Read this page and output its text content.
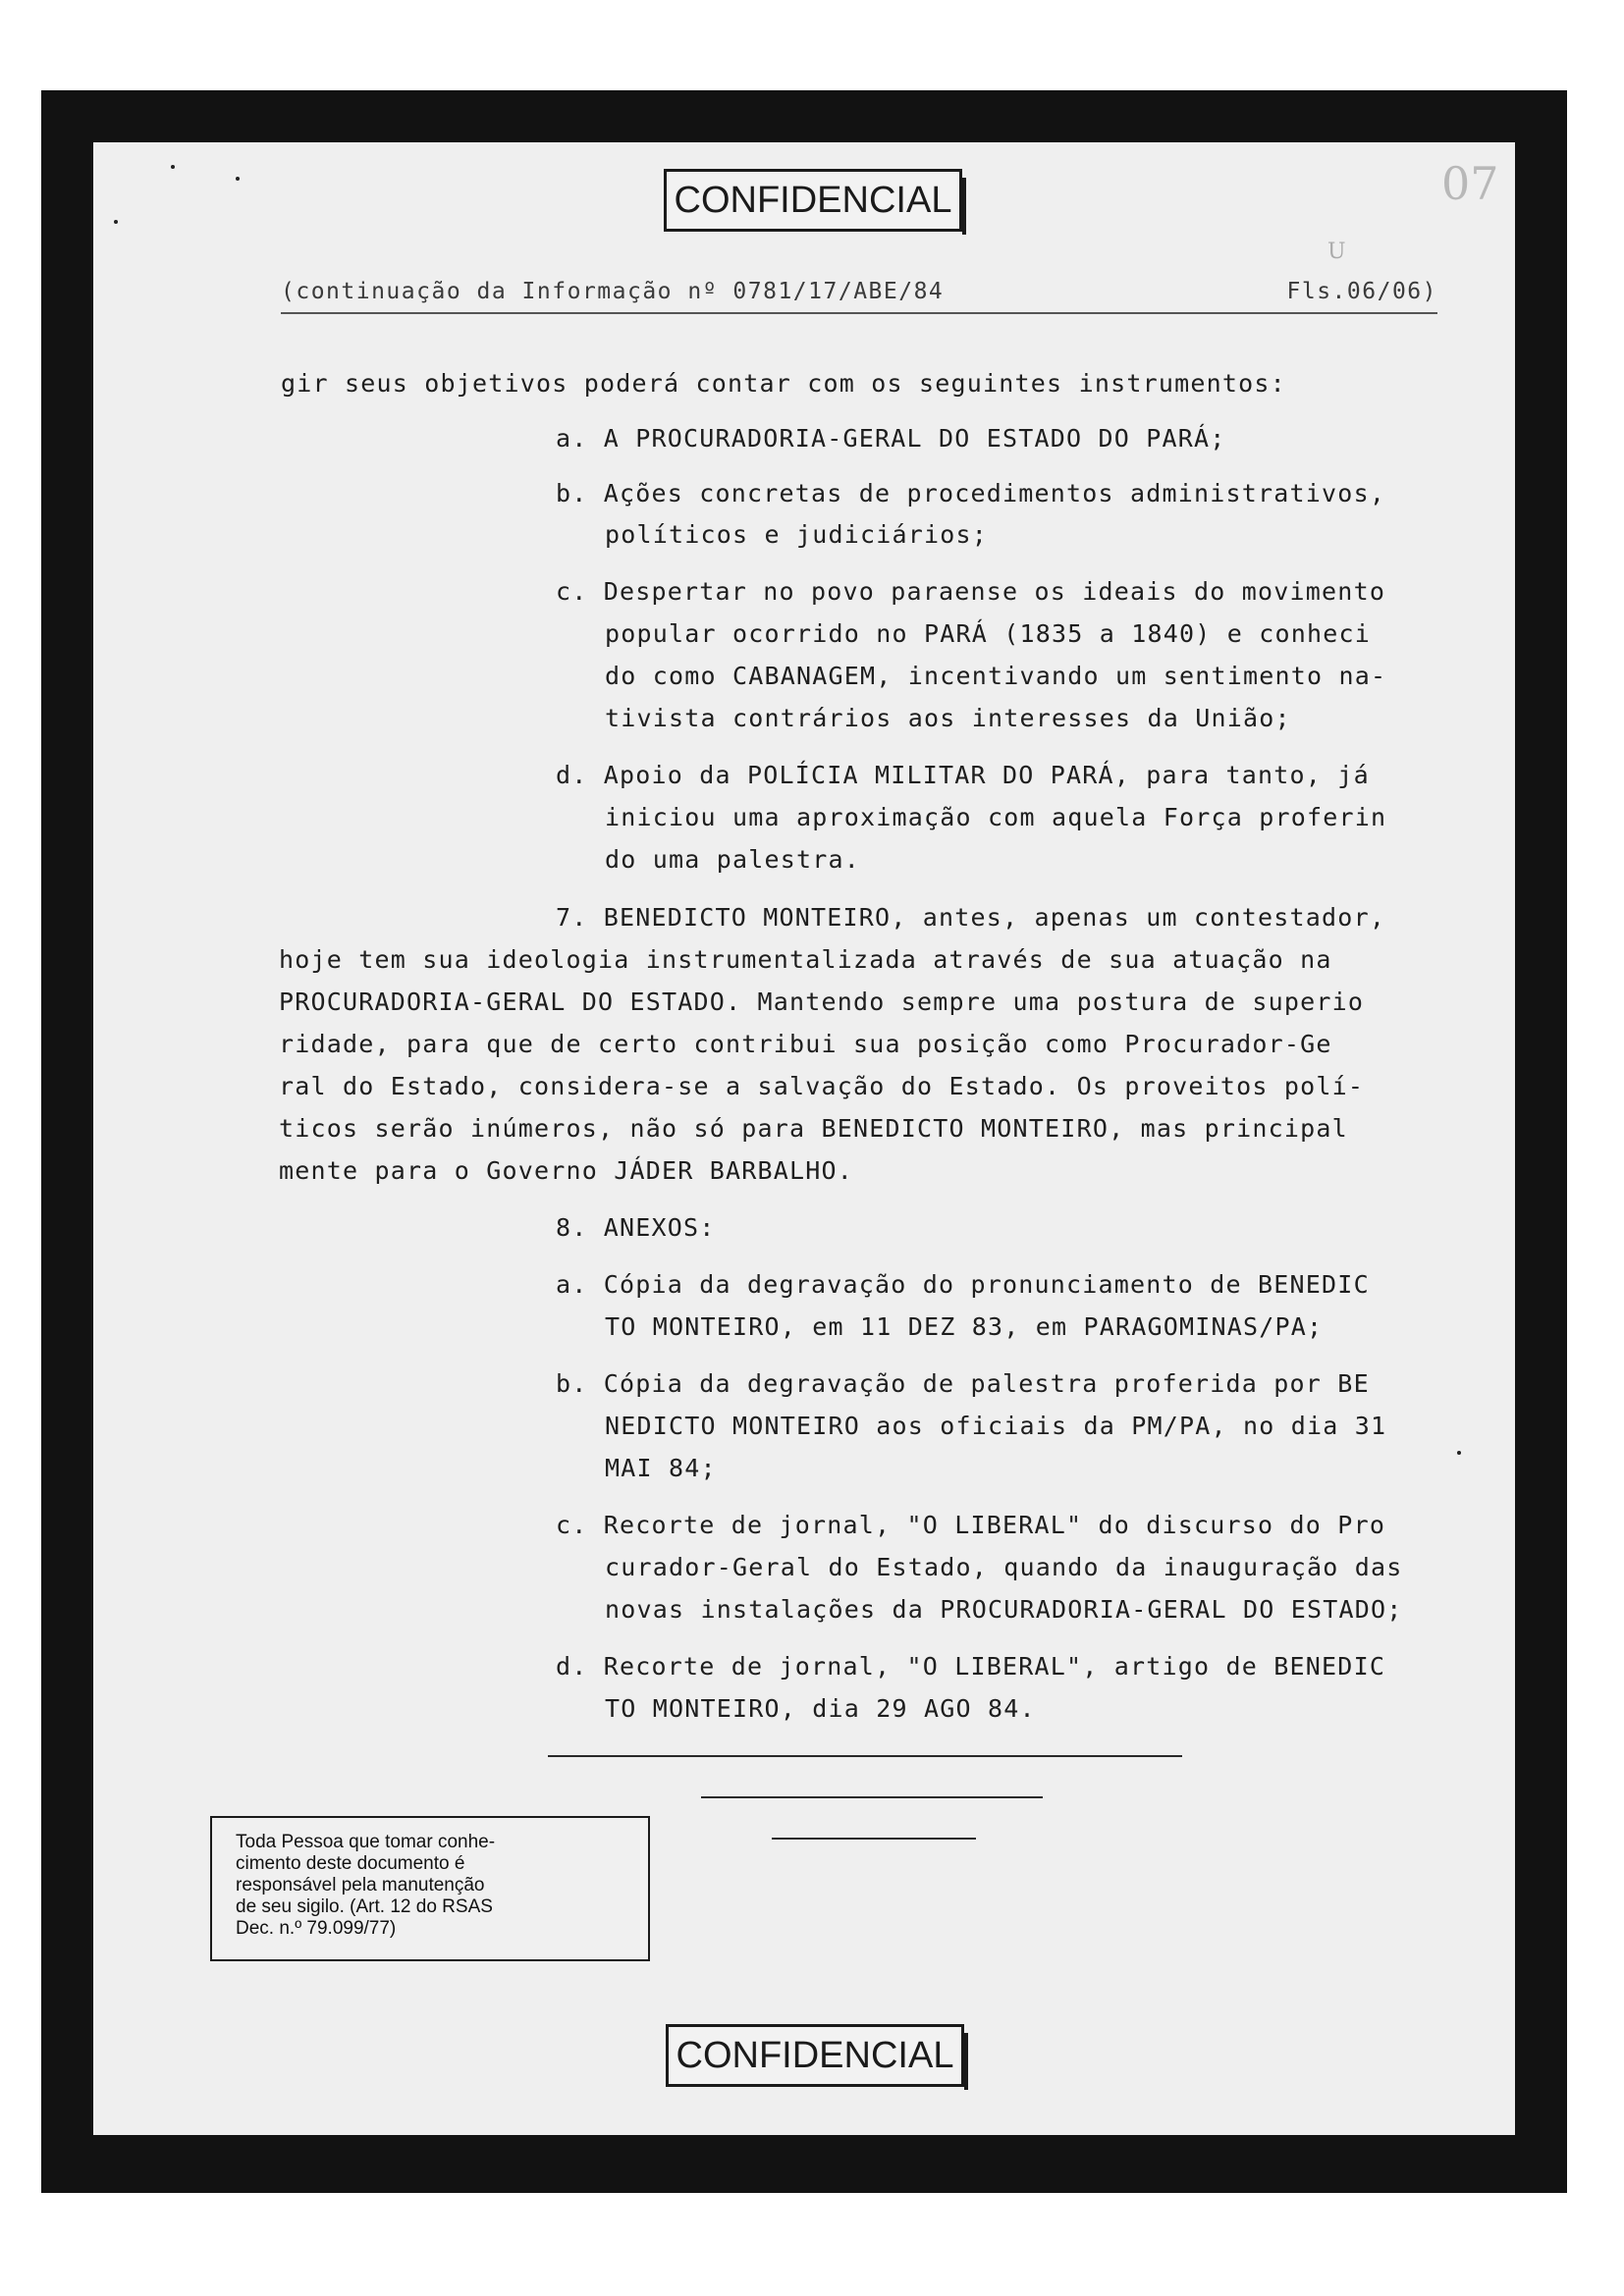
CONFIDENCIAL	07
U
(continuação da Informação nº 0781/17/ABE/84	Fls.06/06)
gir seus objetivos poderá contar com os seguintes instrumentos:
a. A PROCURADORIA-GERAL DO ESTADO DO PARÁ;
b. Ações concretas de procedimentos administrativos,
políticos e judiciários;
c. Despertar no povo paraense os ideais do movimento
popular ocorrido no PARÁ (1835 a 1840) e conheci
do como CABANAGEM, incentivando um sentimento na-
tivista contrários aos interesses da União;
d. Apoio da POLÍCIA MILITAR DO PARÁ, para tanto, já
iniciou uma aproximação com aquela Força proferin
do uma palestra.
7. BENEDICTO MONTEIRO, antes, apenas um contestador,
hoje tem sua ideologia instrumentalizada através de sua atuação na
PROCURADORIA-GERAL DO ESTADO. Mantendo sempre uma postura de superio
ridade, para que de certo contribui sua posição como Procurador-Ge
ral do Estado, considera-se a salvação do Estado. Os proveitos polí-
ticos serão inúmeros, não só para BENEDICTO MONTEIRO, mas principal
mente para o Governo JÁDER BARBALHO.
8. ANEXOS:
a. Cópia da degravação do pronunciamento de BENEDIC
TO MONTEIRO, em 11 DEZ 83, em PARAGOMINAS/PA;
b. Cópia da degravação de palestra proferida por BE
NEDICTO MONTEIRO aos oficiais da PM/PA, no dia 31
MAI 84;
c. Recorte de jornal, "O LIBERAL" do discurso do Pro
curador-Geral do Estado, quando da inauguração das
novas instalações da PROCURADORIA-GERAL DO ESTADO;
d. Recorte de jornal, "O LIBERAL", artigo de BENEDIC
TO MONTEIRO, dia 29 AGO 84.
Toda Pessoa que tomar conhe-
cimento deste documento é
responsável pela manutenção
de seu sigilo. (Art. 12 do RSAS
Dec. n.º 79.099/77)
CONFIDENCIAL
